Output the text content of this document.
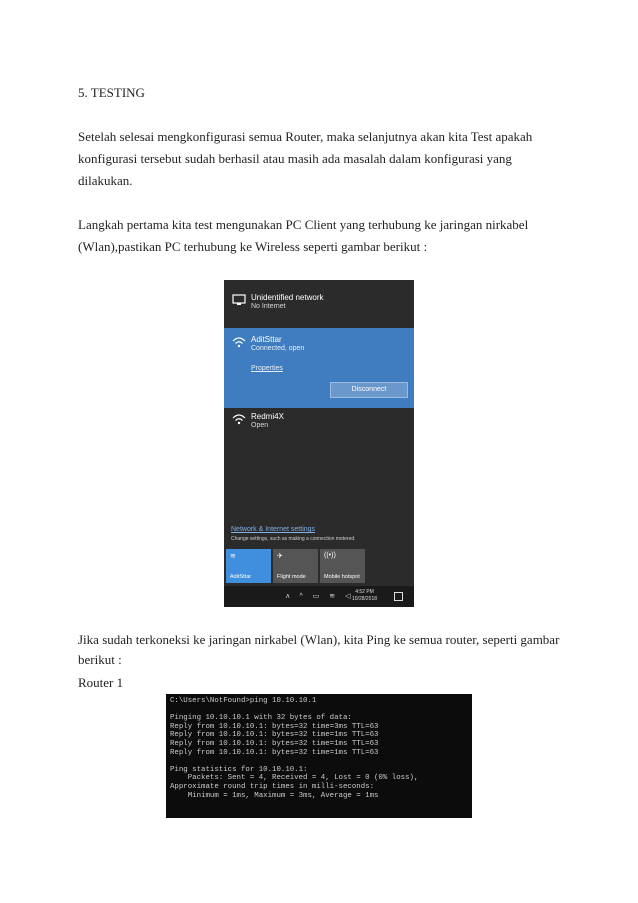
5. TESTING
Setelah selesai mengkonfigurasi semua Router, maka selanjutnya akan kita Test apakah konfigurasi tersebut sudah berhasil atau masih ada masalah dalam konfigurasi yang dilakukan.
Langkah pertama kita test mengunakan PC Client yang terhubung ke jaringan nirkabel (Wlan),pastikan PC terhubung ke Wireless seperti gambar berikut :
Unidentified network
No Internet
AditSttar
Connected, open
Properties
Disconnect
Redmi4X
Open
Network & Internet settings
Change settings, such as making a connection metered.
≋
AditSttar
✈
Flight mode
((•))
Mobile hotspot
ʌ ^ ▭ ≋ ◁
4:52 PM
10/28/2018
Jika sudah terkoneksi ke jaringan nirkabel (Wlan), kita Ping ke semua router, seperti gambar berikut :
Router 1
C:\Users\NotFound>ping 10.10.10.1
Pinging 10.10.10.1 with 32 bytes of data:
Reply from 10.10.10.1: bytes=32 time=3ms TTL=63
Reply from 10.10.10.1: bytes=32 time=1ms TTL=63
Reply from 10.10.10.1: bytes=32 time=1ms TTL=63
Reply from 10.10.10.1: bytes=32 time=1ms TTL=63
Ping statistics for 10.10.10.1:
Packets: Sent = 4, Received = 4, Lost = 0 (0% loss),
Approximate round trip times in milli-seconds:
Minimum = 1ms, Maximum = 3ms, Average = 1ms
